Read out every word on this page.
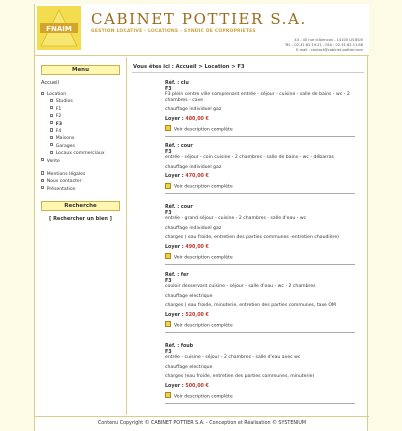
FNAIM
CABINET POTTIER S.A.
GESTION LOCATIVE - LOCATIONS - SYNDIC DE COPROPRIETES
43 - 45 rue d'Alencon - 14100 LISIEUX
Tél. : 02.31.62.19.21 - FAX : 02.31.62.11.88
E-mail : contact@cabinet-pottier.com
Menu
Accueil
Location
Studios
F1
F2
F3
F4
Maisons
Garages
Locaux commerciaux
Vente
Mentions légales
Nous contacter
Présentation
Recherche
[ Rechercher un bien ]
Vous êtes ici : Accueil > Location > F3
Réf. : clu
F3
F3 plein centre ville comprenant entrée - séjour - cuisine - salle de bains - wc - 2 chambres - cave
chauffage individuel gaz
Loyer : 480,00 €
Voir description complète
Réf. : cour
F3
entrée - séjour - coin cuisine - 2 chambres - salle de bains - wc - débarras
chauffage individuel gaz
Loyer : 470,00 €
Voir description complète
Réf. : cour
F3
entrée - grand séjour - cuisine - 2 chambres - salle d'eau - wc
chauffage individuel gaz
charges ( eau froide, entretien des parties communes -entretien chaudière)
Loyer : 490,00 €
Voir description complète
Réf. : fer
F3
couloir desservant cuisine - séjour - salle d'eau - wc - 2 chambres
chauffage electrique
charges ( eau froide, minuterie, entretien des parties communes, taxe OM
Loyer : 520,00 €
Voir description complète
Réf. : foub
F3
entrée - cuisine - séjour - 2 chambres - salle d'eau avec wc
chauffage electrique
charges (eau froide, entretien des parties communes, minuterie)
Loyer : 500,00 €
Voir description complète
Contenu Copyright © CABINET POTTIER S.A. - Conception et Réalisation © SYSTENIUM
